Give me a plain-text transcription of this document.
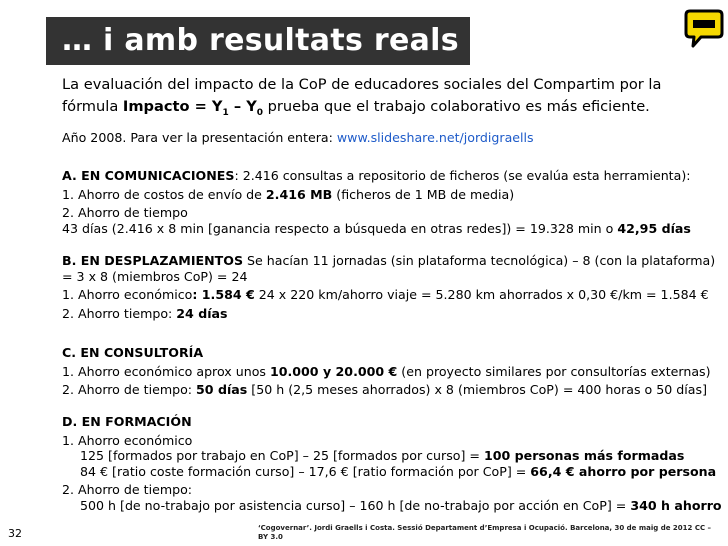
… i amb resultats reals ;-)
La evaluación del impacto de la CoP de educadores sociales del Compartim por la
fórmula Impacto = $Y_1 - Y_0$ prueba que el trabajo colaborativo es más eficiente.
Año 2008. Para ver la presentación entera: www.slideshare.net/jordigraells
A. EN COMUNICACIONES: 2.416 consultas a repositorio de ficheros (se evalúa esta herramienta):
1. Ahorro de costos de envío de 2.416 MB (ficheros de 1 MB de media)
2. Ahorro de tiempo
43 días (2.416 x 8 min [ganancia respecto a búsqueda en otras redes]) = 19.328 min o 42,95 días
B. EN DESPLAZAMIENTOS Se hacían 11 jornadas (sin plataforma tecnológica) – 8 (con la plataforma)
= 3 x 8 (miembros CoP) = 24
1. Ahorro económico: 1.584 € 24 x 220 km/ahorro viaje = 5.280 km ahorrados x 0,30 €/km = 1.584 €
2. Ahorro tiempo: 24 días
C. EN CONSULTORÍA
1. Ahorro económico aprox unos 10.000 y 20.000 € (en proyecto similares por consultorías externas)
2. Ahorro de tiempo: 50 días [50 h (2,5 meses ahorrados) x 8 (miembros CoP) = 400 horas o 50 días]
D. EN FORMACIÓN
1. Ahorro económico
125 [formados por trabajo en CoP] – 25 [formados por curso] = 100 personas más formadas
84 € [ratio coste formación curso] – 17,6 € [ratio formación por CoP] = 66,4 € ahorro por persona
2. Ahorro de tiempo:
500 h [de no-trabajo por asistencia curso] – 160 h [de no-trabajo por acción en CoP] = 340 h ahorro
32	‘Cogovernar’. Jordi Graells i Costa. Sessió Departament d’Empresa i Ocupació. Barcelona, 30 de maig de 2012 CC – BY 3.0
